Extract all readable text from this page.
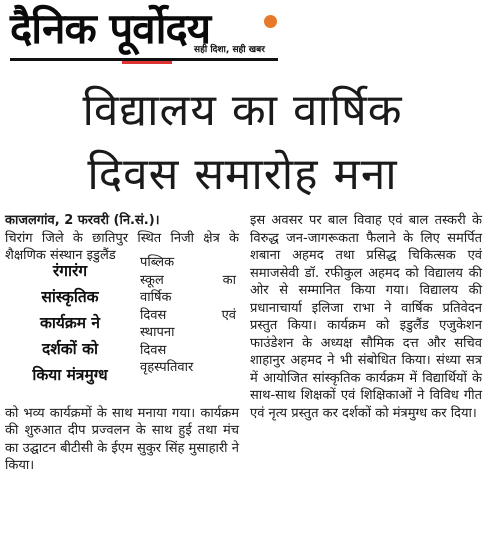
दैनिक पूर्वोदय
सही दिशा, सही खबर
विद्यालय का वार्षिक
दिवस समारोह मना
काजलगांव, 2 फरवरी (नि.सं.)।
चिरांग जिले के छातिपुर स्थित निजी क्षेत्र के शैक्षणिक संस्थान इडुलैंड
को भव्य कार्यक्रमों के साथ मनाया गया। कार्यक्रम की शुरुआत दीप प्रज्वलन के साथ हुई तथा मंच का उद्घाटन बीटीसी के ईएम सुकुर सिंह मुसाहारी ने किया।
रंगारंग
सांस्कृतिक
कार्यक्रम ने
दर्शकों को
किया मंत्रमुग्ध
पब्लिक
स्कूल का
वार्षिक
दिवस एवं
स्थापना
दिवस
वृहस्पतिवार
इस अवसर पर बाल विवाह एवं बाल तस्करी के विरुद्ध जन-जागरूकता फैलाने के लिए समर्पित शबाना अहमद तथा प्रसिद्ध चिकित्सक एवं समाजसेवी डॉ. रफीकुल अहमद को विद्यालय की ओर से सम्मानित किया गया। विद्यालय की प्रधानाचार्या इलिजा राभा ने वार्षिक प्रतिवेदन प्रस्तुत किया। कार्यक्रम को इडुलैंड एजुकेशन फाउंडेशन के अध्यक्ष सौमिक दत्त और सचिव शाहानुर अहमद ने भी संबोधित किया। संध्या सत्र में आयोजित सांस्कृतिक कार्यक्रम में विद्यार्थियों के साथ-साथ शिक्षकों एवं शिक्षिकाओं ने विविध गीत एवं नृत्य प्रस्तुत कर दर्शकों को मंत्रमुग्ध कर दिया।
